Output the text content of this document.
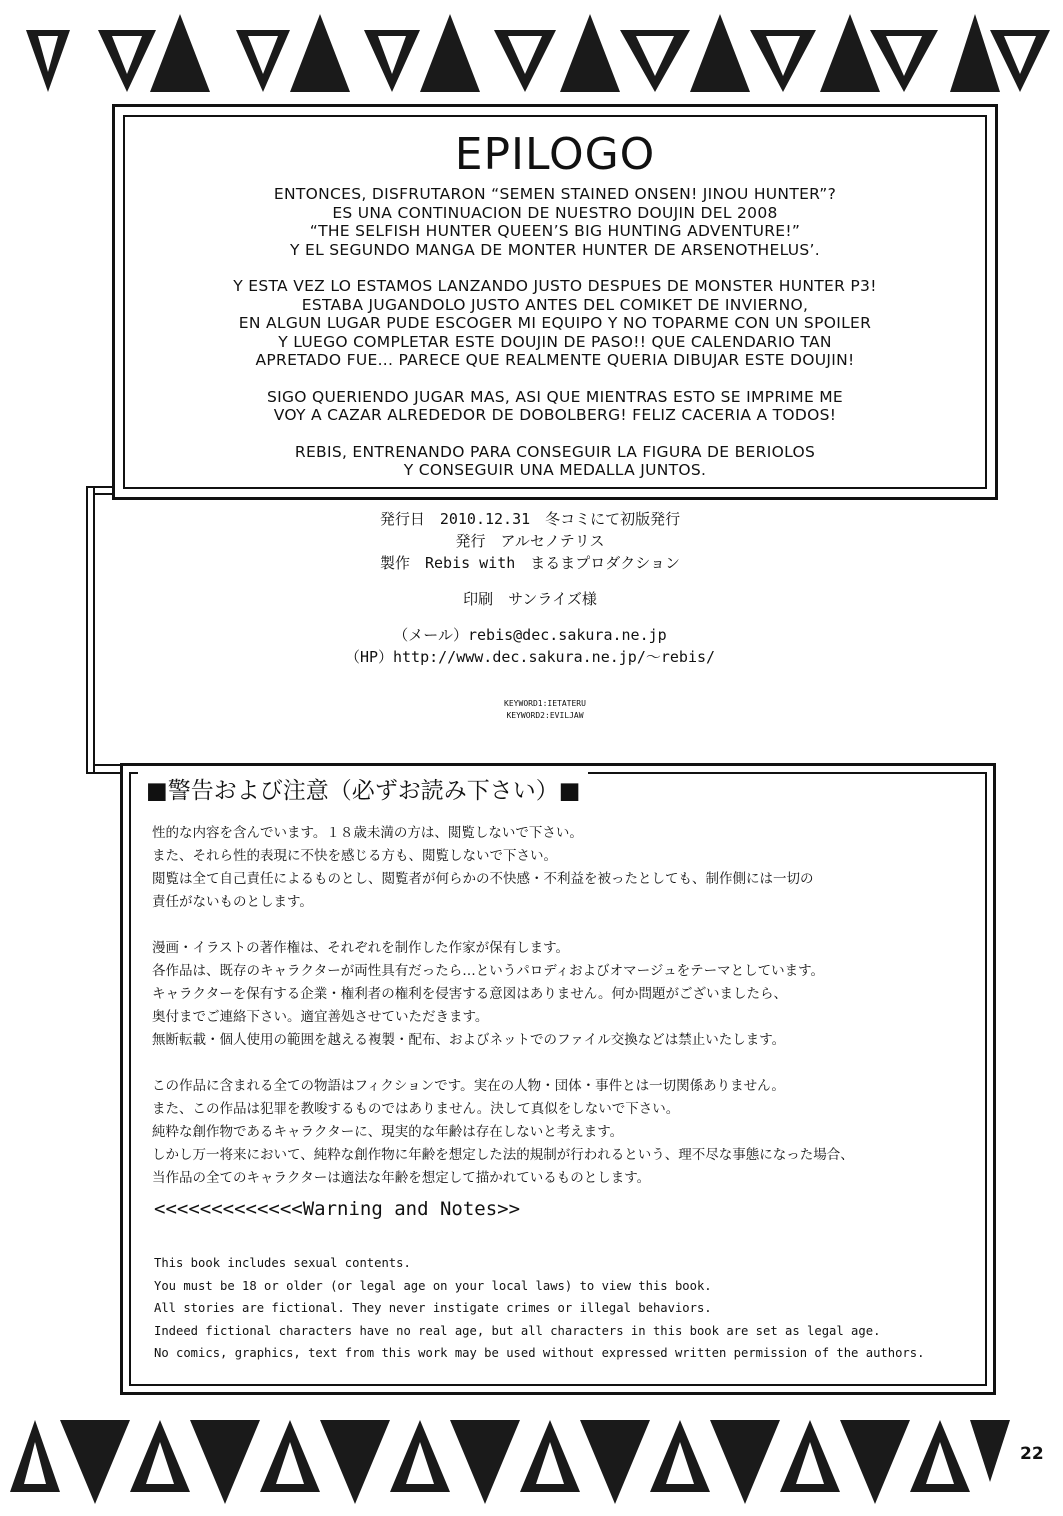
EPILOGO

ENTONCES, DISFRUTARON “SEMEN STAINED ONSEN! JINOU HUNTER”?
ES UNA CONTINUACION DE NUESTRO DOUJIN DEL 2008
“THE SELFISH HUNTER QUEEN’S BIG HUNTING ADVENTURE!”
Y EL SEGUNDO MANGA DE MONTER HUNTER DE ARSENOTHELUS’.

Y ESTA VEZ LO ESTAMOS LANZANDO JUSTO DESPUES DE MONSTER HUNTER P3!
ESTABA JUGANDOLO JUSTO ANTES DEL COMIKET DE INVIERNO,
EN ALGUN LUGAR PUDE ESCOGER MI EQUIPO Y NO TOPARME CON UN SPOILER
Y LUEGO COMPLETAR ESTE DOUJIN DE PASO!! QUE CALENDARIO TAN
APRETADO FUE... PARECE QUE REALMENTE QUERIA DIBUJAR ESTE DOUJIN!

SIGO QUERIENDO JUGAR MAS, ASI QUE MIENTRAS ESTO SE IMPRIME ME
VOY A CAZAR ALREDEDOR DE DOBOLBERG! FELIZ CACERIA A TODOS!

REBIS, ENTRENANDO PARA CONSEGUIR LA FIGURA DE BERIOLOS
Y CONSEGUIR UNA MEDALLA JUNTOS.

発行日　2010.12.31　冬コミにて初版発行
発行　アルセノテリス
製作　Rebis with　まるまプロダクション
印刷　サンライズ様
（メール）rebis@dec.sakura.ne.jp
（HP）http://www.dec.sakura.ne.jp/～rebis/
KEYWORD1:IETATERU
KEYWORD2:EVILJAW
■警告および注意（必ずお読み下さい）■

性的な内容を含んでいます。１８歳未満の方は、閲覧しないで下さい。
また、それら性的表現に不快を感じる方も、閲覧しないで下さい。
閲覧は全て自己責任によるものとし、閲覧者が何らかの不快感・不利益を被ったとしても、制作側には一切の
責任がないものとします。

漫画・イラストの著作権は、それぞれを制作した作家が保有します。
各作品は、既存のキャラクターが両性具有だったら…というパロディおよびオマージュをテーマとしています。
キャラクターを保有する企業・権利者の権利を侵害する意図はありません。何か問題がございましたら、
奥付までご連絡下さい。適宜善処させていただきます。
無断転載・個人使用の範囲を越える複製・配布、およびネットでのファイル交換などは禁止いたします。

この作品に含まれる全ての物語はフィクションです。実在の人物・団体・事件とは一切関係ありません。
また、この作品は犯罪を教唆するものではありません。決して真似をしないで下さい。
純粋な創作物であるキャラクターに、現実的な年齢は存在しないと考えます。
しかし万一将来において、純粋な創作物に年齢を想定した法的規制が行われるという、理不尽な事態になった場合、
当作品の全てのキャラクターは適法な年齢を想定して描かれているものとします。

<<<<<<<<<<<<<Warning and Notes>>
This book includes sexual contents.
You must be 18 or older (or legal age on your local laws) to view this book.
All stories are fictional. They never instigate crimes or illegal behaviors.
Indeed fictional characters have no real age, but all characters in this book are set as legal age.
No comics, graphics, text from this work may be used without expressed written permission of the authors.
22
